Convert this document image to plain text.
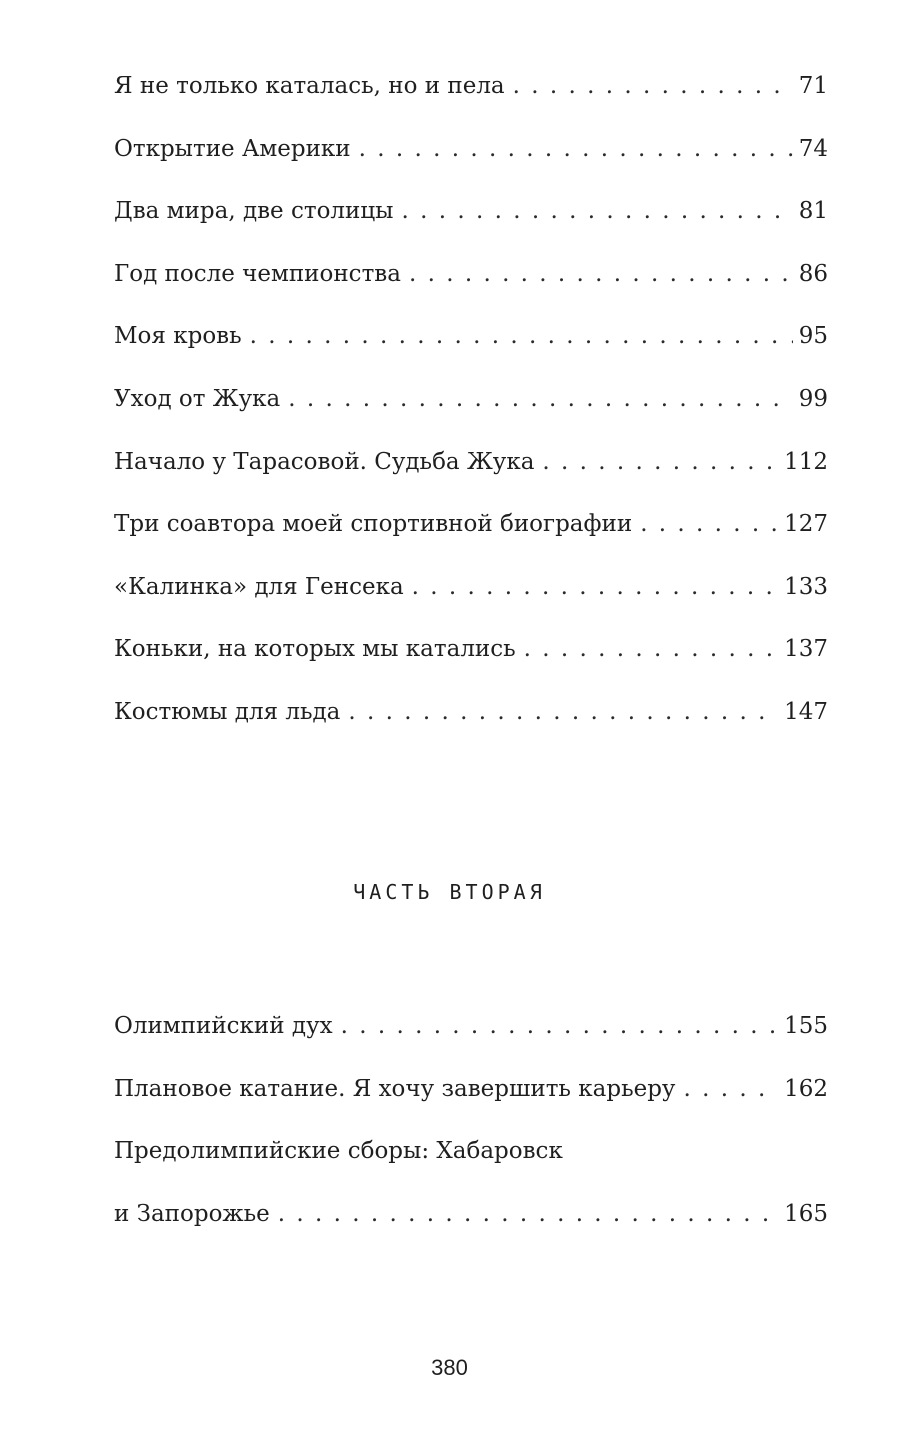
Я не только каталась, но и пела . . .	71
Открытие Америки . . .	74
Два мира, две столицы . . .	81
Год после чемпионства . . .	86
Моя кровь . . .	95
Уход от Жука . . .	99
Начало у Тарасовой. Судьба Жука . . .	112
Три соавтора моей спортивной биографии . . .	127
«Калинка» для Генсека . . .	133
Коньки, на которых мы катались . . .	137
Костюмы для льда . . .	147
ЧАСТЬ ВТОРАЯ
Олимпийский дух . . .	155
Плановое катание. Я хочу завершить карьеру . . .	162
Предолимпийские сборы: Хабаровск
и Запорожье . . .	165
380
